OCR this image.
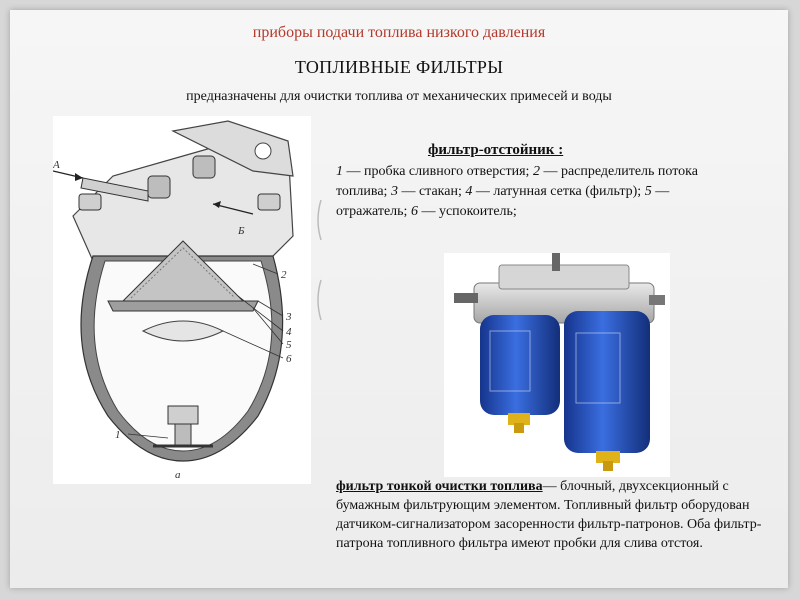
приборы подачи топлива низкого давления
ТОПЛИВНЫЕ ФИЛЬТРЫ
предназначены для очистки топлива от механических примесей и воды
А
Б
2
3
4
5
6
1
а
фильтр-отстойник :
1 — пробка сливного отверстия; 2 — распределитель потока топлива; 3 — стакан; 4 — латунная сетка (фильтр); 5 — отражатель; 6 — успокоитель;
фильтр тонкой очистки топлива— блочный, двухсекционный с бумажным фильтрующим элементом. Топливный фильтр оборудован датчиком-сигнализатором засоренности фильтр-патронов. Оба фильтр-патрона топливного фильтра имеют пробки для слива отстоя.
